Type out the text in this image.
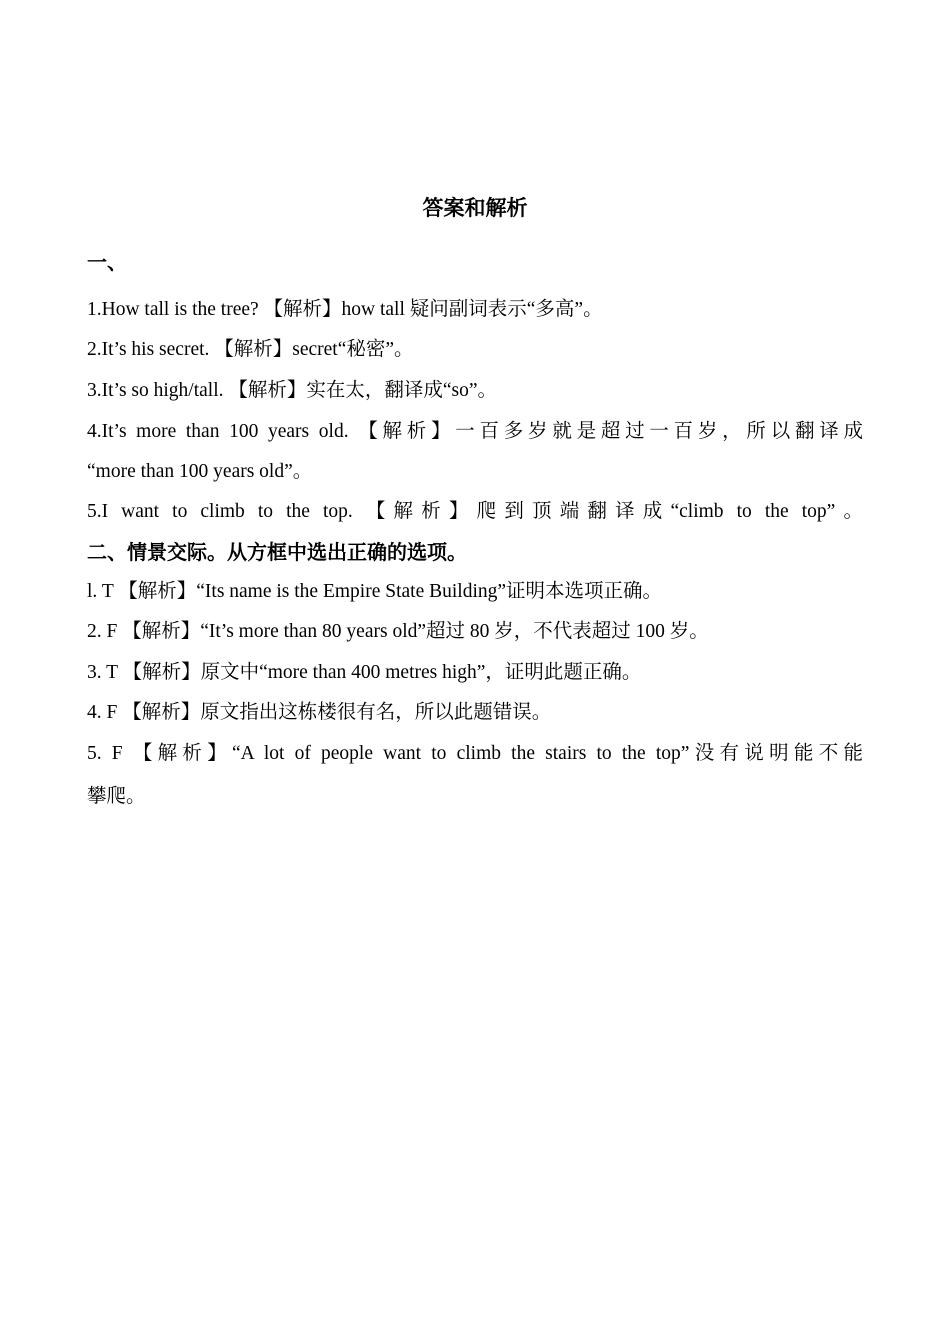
答案和解析
一、
1.How tall is the tree? 【解析】how tall 疑问副词表示“多高”。
2.It’s his secret. 【解析】secret“秘密”。
3.It’s so high/tall. 【解析】实在太，翻译成“so”。
4.It’s more than 100 years old. 【解析】一百多岁就是超过一百岁，所以翻译成
“more than 100 years old”。
5.I want to climb to the top. 【解析】爬到顶端翻译成“climb to the top”。
二、情景交际。从方框中选出正确的选项。
l. T 【解析】“Its name is the Empire State Building”证明本选项正确。
2. F 【解析】“It’s more than 80 years old”超过 80 岁，不代表超过 100 岁。
3. T 【解析】原文中“more than 400 metres high”，证明此题正确。
4. F 【解析】原文指出这栋楼很有名，所以此题错误。
5. F 【解析】“A lot of people want to climb the stairs to the top”没有说明能不能
攀爬。
